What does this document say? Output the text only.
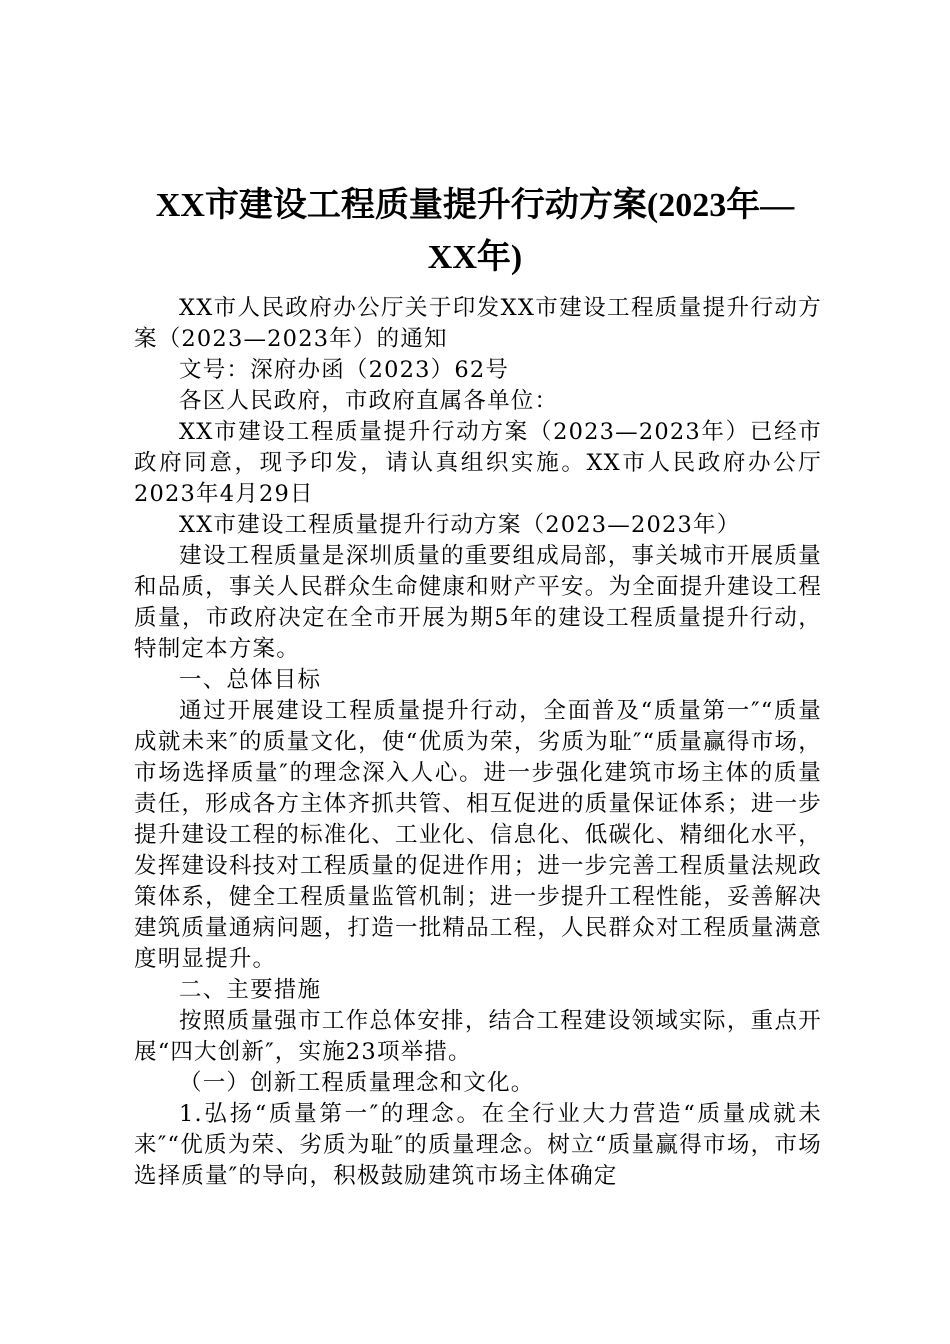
XX市建设工程质量提升行动方案(2023年—
XX年)

XX市人民政府办公厅关于印发XX市建设工程质量提升行动方案（2023—2023年）的通知

文号：深府办函（2023）62号

各区人民政府，市政府直属各单位：

XX市建设工程质量提升行动方案（2023—2023年）已经市政府同意，现予印发，请认真组织实施。XX市人民政府办公厅2023年4月29日

XX市建设工程质量提升行动方案（2023—2023年）

建设工程质量是深圳质量的重要组成局部，事关城市开展质量和品质，事关人民群众生命健康和财产平安。为全面提升建设工程质量，市政府决定在全市开展为期5年的建设工程质量提升行动，特制定本方案。

一、总体目标

通过开展建设工程质量提升行动，全面普及“质量第一″“质量成就未来″的质量文化，使“优质为荣，劣质为耻″“质量赢得市场，市场选择质量″的理念深入人心。进一步强化建筑市场主体的质量责任，形成各方主体齐抓共管、相互促进的质量保证体系；进一步提升建设工程的标准化、工业化、信息化、低碳化、精细化水平，发挥建设科技对工程质量的促进作用；进一步完善工程质量法规政策体系，健全工程质量监管机制；进一步提升工程性能，妥善解决建筑质量通病问题，打造一批精品工程，人民群众对工程质量满意度明显提升。

二、主要措施

按照质量强市工作总体安排，结合工程建设领域实际，重点开展“四大创新″，实施23项举措。

（一）创新工程质量理念和文化。

1.弘扬“质量第一″的理念。在全行业大力营造“质量成就未来″“优质为荣、劣质为耻″的质量理念。树立“质量赢得市场，市场选择质量″的导向，积极鼓励建筑市场主体确定
